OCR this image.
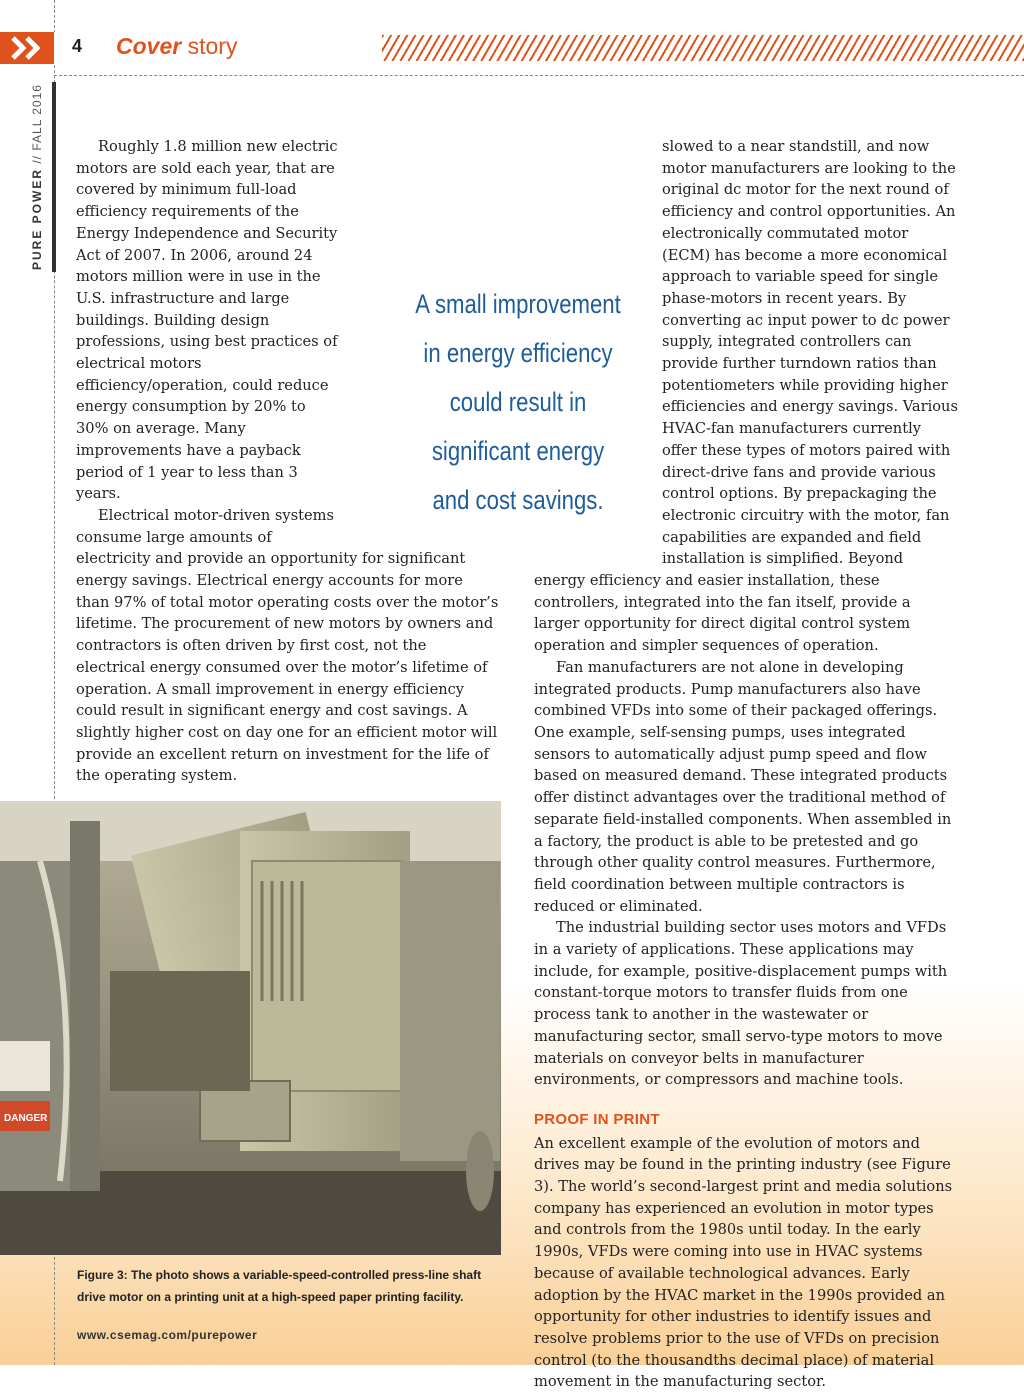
4 Cover story
PURE POWER // FALL 2016	Roughly 1.8 million new electric motors are sold each year, that are covered by minimum full-load efficiency requirements of the Energy Independence and Security Act of 2007. In 2006, around 24 motors million were in use in the U.S. infrastructure and large buildings. Building design professions, using best practices of electrical motors efficiency/operation, could reduce energy consumption by 20% to 30% on average. Many improvements have a payback period of 1 year to less than 3 years.

Electrical motor-driven systems consume large amounts of electricity and provide an opportunity for significant energy savings. Electrical energy accounts for more than 97% of total motor operating costs over the motor’s lifetime. The procurement of new motors by owners and contractors is often driven by first cost, not the electrical energy consumed over the motor’s lifetime of operation. A small improvement in energy efficiency could result in significant energy and cost savings. A slightly higher cost on day one for an efficient motor will provide an excellent return on investment for the life of the operating system.

A small improvement in energy efficiency could result in significant energy and cost savings.

slowed to a near standstill, and now motor manufacturers are looking to the original dc motor for the next round of efficiency and control opportunities. An electronically commutated motor (ECM) has become a more economical approach to variable speed for single phase-motors in recent years. By converting ac input power to dc power supply, integrated controllers can provide further turndown ratios than potentiometers while providing higher efficiencies and energy savings. Various HVAC-fan manufacturers currently offer these types of motors paired with direct-drive fans and provide various control options. By prepackaging the electronic circuitry with the motor, fan capabilities are expanded and field installation is simplified. Beyond energy efficiency and easier installation, these controllers, integrated into the fan itself, provide a larger opportunity for direct digital control system operation and simpler sequences of operation.

Fan manufacturers are not alone in developing integrated products. Pump manufacturers also have combined VFDs into some of their packaged offerings. One example, self-sensing pumps, uses integrated sensors to automatically adjust pump speed and flow based on measured demand. These integrated products offer distinct advantages over the traditional method of separate field-installed components. When assembled in a factory, the product is able to be pretested and go through other quality control measures. Furthermore, field coordination between multiple contractors is reduced or eliminated.

The industrial building sector uses motors and VFDs in a variety of applications. These applications may include, for example, positive-displacement pumps with constant-torque motors to transfer fluids from one process tank to another in the wastewater or manufacturing sector, small servo-type motors to move materials on conveyor belts in manufacturer environments, or compressors and machine tools.

PROOF IN PRINT

An excellent example of the evolution of motors and drives may be found in the printing industry (see Figure 3). The world’s second-largest print and media solutions company has experienced an evolution in motor types and controls from the 1980s until today. In the early 1990s, VFDs were coming into use in HVAC systems because of available technological advances. Early adoption by the HVAC market in the 1990s provided an opportunity for other industries to identify issues and resolve problems prior to the use of VFDs on precision control (to the thousandths decimal place) of material movement in the manufacturing sector.

DANGER
Figure 3: The photo shows a variable-speed-controlled press-line shaft drive motor on a printing unit at a high-speed paper printing facility.
www.csemag.com/purepower
